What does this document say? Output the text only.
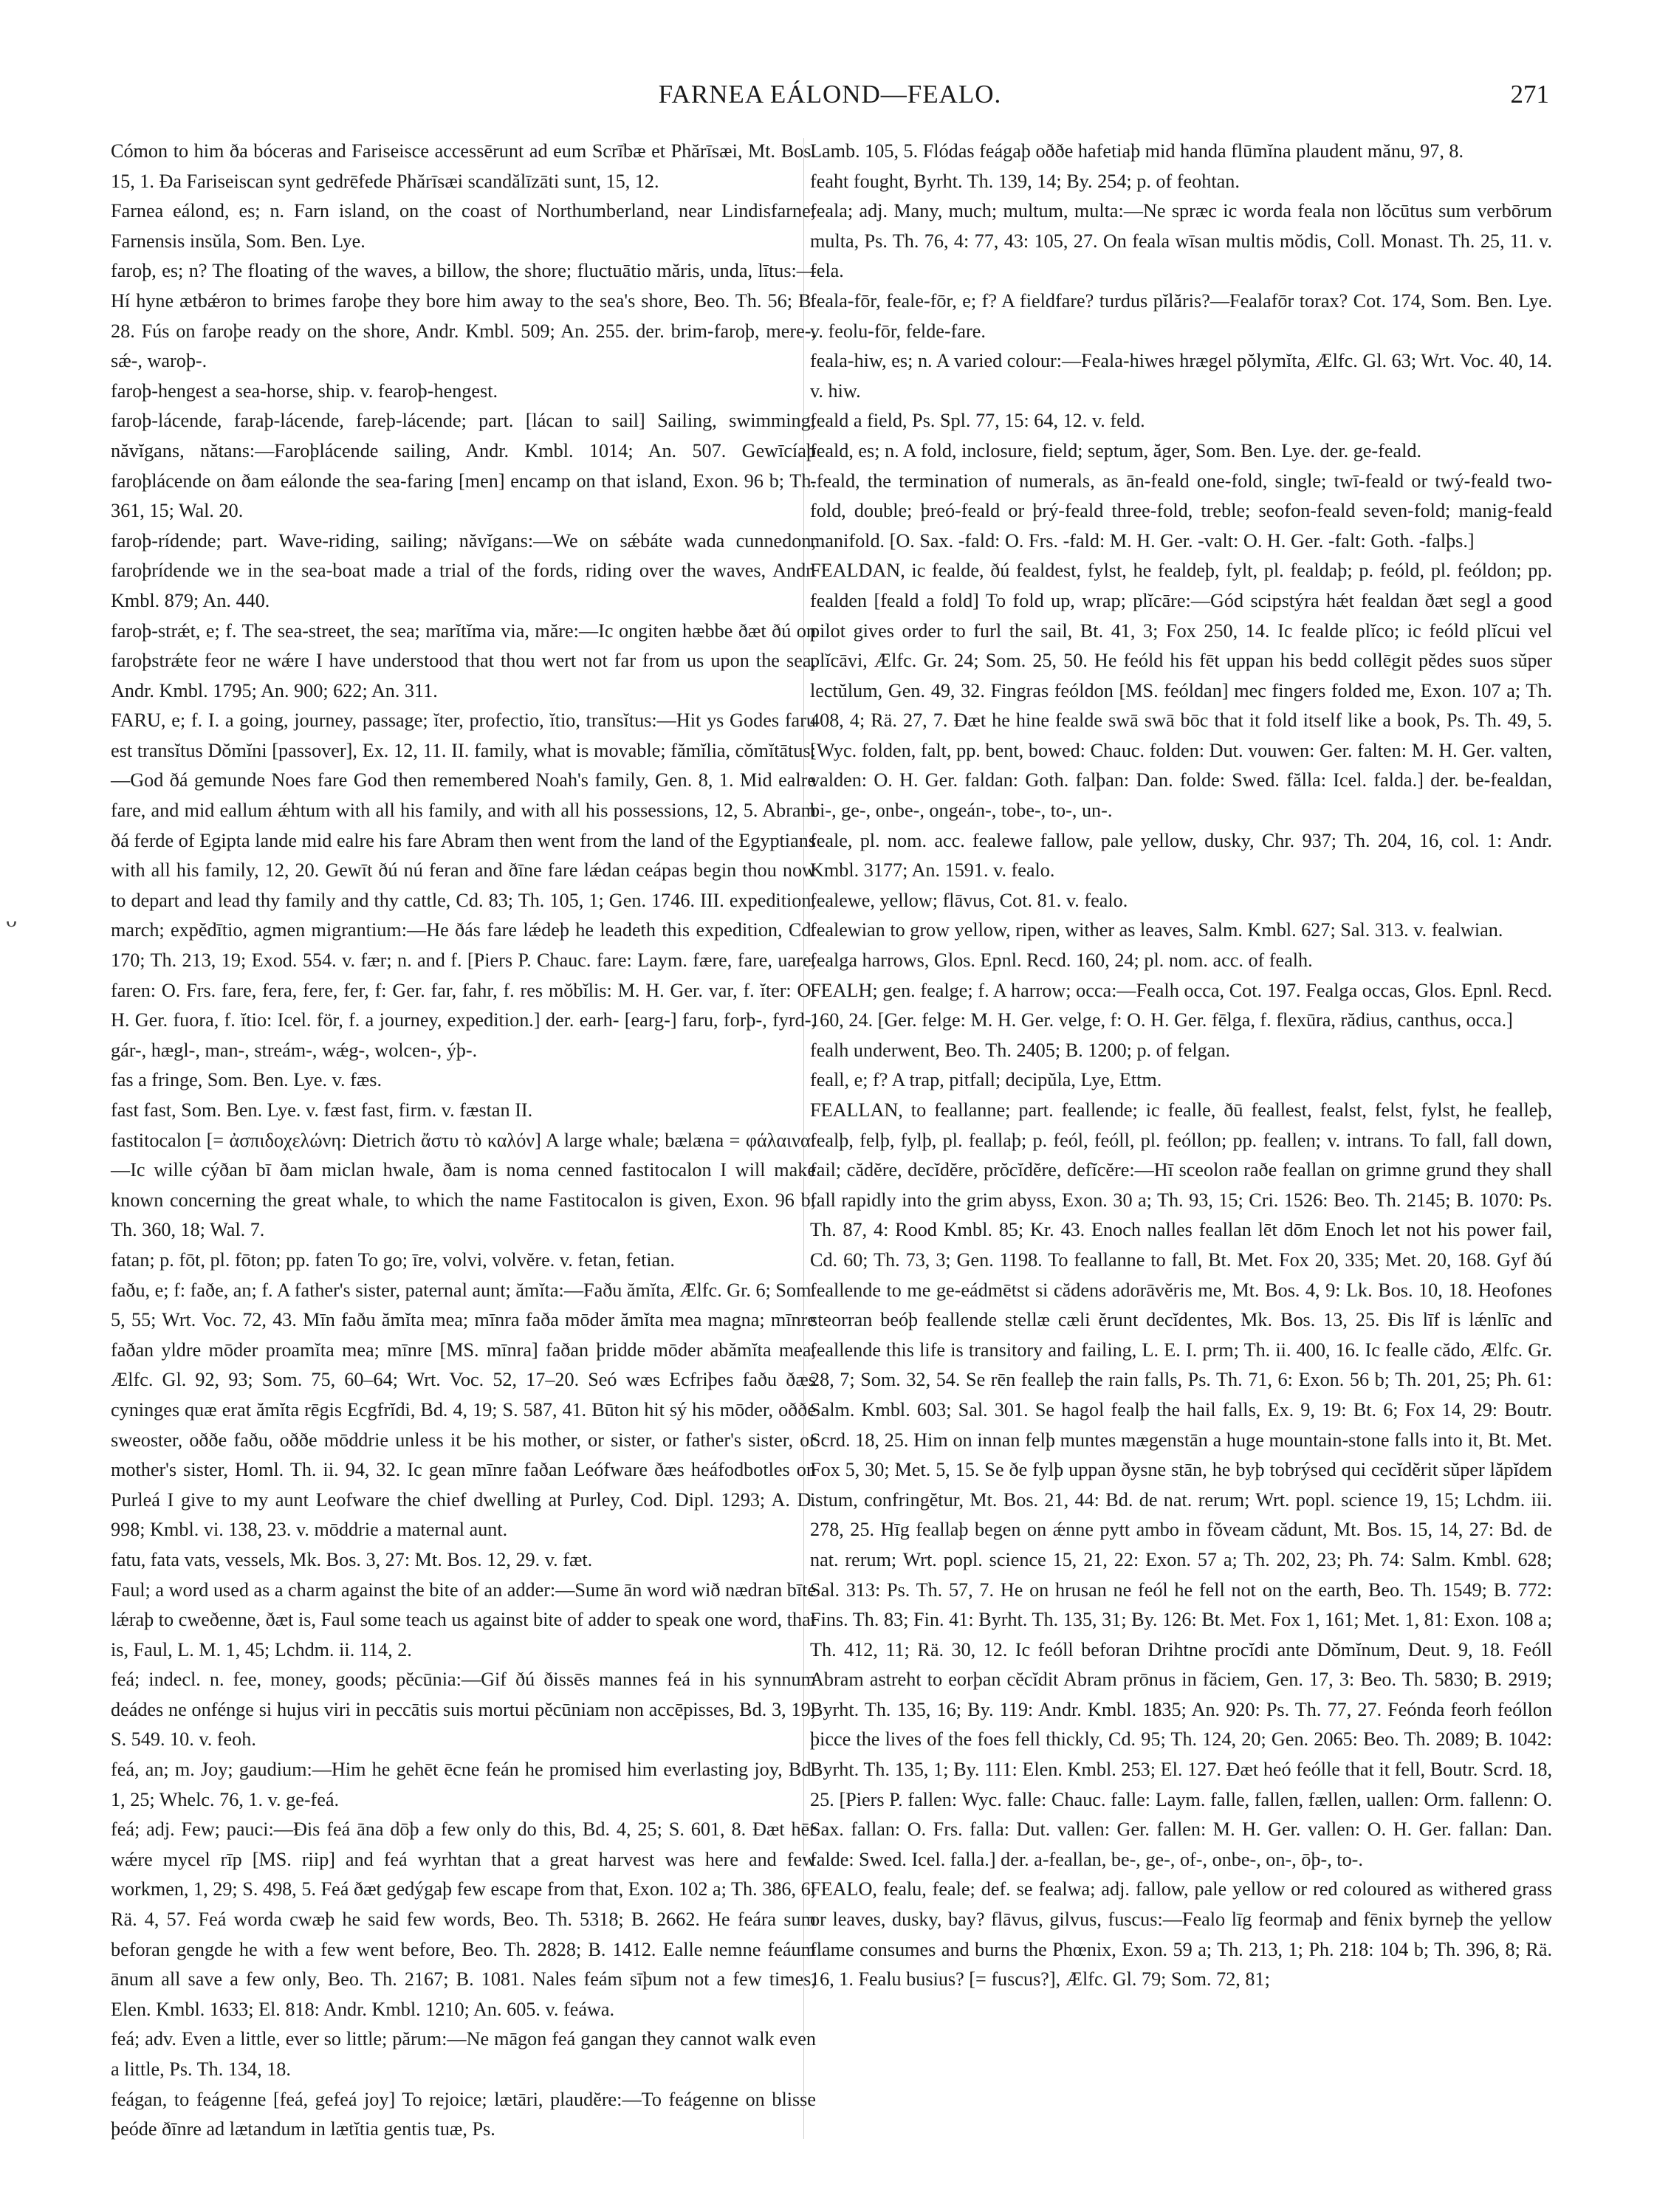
FARNEA EÁLOND—FEALO.	271
ᴗ

Cómon to him ða bóceras and Fariseisce accessērunt ad eum Scrībæ et Phărīsæi, Mt. Bos. 15, 1. Ða Fariseiscan synt gedrēfede Phărīsæi scandălīzāti sunt, 15, 12.

Farnea eálond, es; n. Farn island, on the coast of Northumberland, near Lindisfarne; Farnensis insŭla, Som. Ben. Lye.

faroþ, es; n? The floating of the waves, a billow, the shore; fluctuātio măris, unda, lītus:—Hí hyne ætbǽron to brimes faroþe they bore him away to the sea's shore, Beo. Th. 56; B. 28. Fús on faroþe ready on the shore, Andr. Kmbl. 509; An. 255. der. brim-faroþ, mere-, sǽ-, waroþ-.

faroþ-hengest a sea-horse, ship. v. fearoþ-hengest.

faroþ-lácende, faraþ-lácende, fareþ-lácende; part. [lácan to sail] Sailing, swimming; năvĭgans, nătans:—Faroþlácende sailing, Andr. Kmbl. 1014; An. 507. Gewīcíaþ faroþlácende on ðam eálonde the sea-faring [men] encamp on that island, Exon. 96 b; Th. 361, 15; Wal. 20.

faroþ-rídende; part. Wave-riding, sailing; năvĭgans:—We on sǽbáte wada cunnedon, faroþrídende we in the sea-boat made a trial of the fords, riding over the waves, Andr. Kmbl. 879; An. 440.

faroþ-strǽt, e; f. The sea-street, the sea; marĭtĭma via, măre:—Ic ongiten hæbbe ðæt ðú on faroþstrǽte feor ne wǽre I have understood that thou wert not far from us upon the sea, Andr. Kmbl. 1795; An. 900; 622; An. 311.

FARU, e; f. I. a going, journey, passage; ĭter, profectio, ĭtio, transĭtus:—Hit ys Godes faru est transĭtus Dŏmĭni [passover], Ex. 12, 11. II. family, what is movable; fămĭlia, cŏmĭtātus:—God ðá gemunde Noes fare God then remembered Noah's family, Gen. 8, 1. Mid ealre fare, and mid eallum ǽhtum with all his family, and with all his possessions, 12, 5. Abram ðá ferde of Egipta lande mid ealre his fare Abram then went from the land of the Egyptians with all his family, 12, 20. Gewīt ðú nú feran and ðīne fare lǽdan ceápas begin thou now to depart and lead thy family and thy cattle, Cd. 83; Th. 105, 1; Gen. 1746. III. expedition, march; expĕdītio, agmen migrantium:—He ðás fare lǽdeþ he leadeth this expedition, Cd. 170; Th. 213, 19; Exod. 554. v. fær; n. and f. [Piers P. Chauc. fare: Laym. fære, fare, uare, faren: O. Frs. fare, fera, fere, fer, f: Ger. far, fahr, f. res mŏbĭlis: M. H. Ger. var, f. ĭter: O. H. Ger. fuora, f. ĭtio: Icel. för, f. a journey, expedition.] der. earh- [earg-] faru, forþ-, fyrd-, gár-, hægl-, man-, streám-, wǽg-, wolcen-, ýþ-.

fas a fringe, Som. Ben. Lye. v. fæs.

fast fast, Som. Ben. Lye. v. fæst fast, firm. v. fæstan II.

fastitocalon [= ἀσπιδοχελώνη: Dietrich ἄστυ τὸ καλόν] A large whale; bælæna = φάλαινα:—Ic wille cýðan bī ðam miclan hwale, ðam is noma cenned fastitocalon I will make known concerning the great whale, to which the name Fastitocalon is given, Exon. 96 b; Th. 360, 18; Wal. 7.

fatan; p. fōt, pl. fōton; pp. faten To go; īre, volvi, volvĕre. v. fetan, fetian.

faðu, e; f: faðe, an; f. A father's sister, paternal aunt; ămĭta:—Faðu ămĭta, Ælfc. Gr. 6; Som. 5, 55; Wrt. Voc. 72, 43. Mīn faðu ămĭta mea; mīnra faða mōder ămĭta mea magna; mīnre faðan yldre mōder proamĭta mea; mīnre [MS. mīnra] faðan þridde mōder abămĭta mea, Ælfc. Gl. 92, 93; Som. 75, 60–64; Wrt. Voc. 52, 17–20. Seó wæs Ecfriþes faðu ðæs cyninges quæ erat ămĭta rēgis Ecgfrĭdi, Bd. 4, 19; S. 587, 41. Būton hit sý his mōder, oððe sweoster, oððe faðu, oððe mōddrie unless it be his mother, or sister, or father's sister, or mother's sister, Homl. Th. ii. 94, 32. Ic gean mīnre faðan Leófware ðæs heáfodbotles on Purleá I give to my aunt Leofware the chief dwelling at Purley, Cod. Dipl. 1293; A. D. 998; Kmbl. vi. 138, 23. v. mōddrie a maternal aunt.

fatu, fata vats, vessels, Mk. Bos. 3, 27: Mt. Bos. 12, 29. v. fæt.

Faul; a word used as a charm against the bite of an adder:—Sume ān word wið nædran bīte lǽraþ to cweðenne, ðæt is, Faul some teach us against bite of adder to speak one word, that is, Faul, L. M. 1, 45; Lchdm. ii. 114, 2.

feá; indecl. n. fee, money, goods; pĕcūnia:—Gif ðú ðissēs mannes feá in his synnum deádes ne onfénge si hujus viri in peccātis suis mortui pĕcūniam non accēpisses, Bd. 3, 19; S. 549. 10. v. feoh.

feá, an; m. Joy; gaudium:—Him he gehēt ēcne feán he promised him everlasting joy, Bd. 1, 25; Whelc. 76, 1. v. ge-feá.

feá; adj. Few; pauci:—Ðis feá āna dōþ a few only do this, Bd. 4, 25; S. 601, 8. Ðæt hēr wǽre mycel rīp [MS. riip] and feá wyrhtan that a great harvest was here and few workmen, 1, 29; S. 498, 5. Feá ðæt gedýgaþ few escape from that, Exon. 102 a; Th. 386, 6; Rä. 4, 57. Feá worda cwæþ he said few words, Beo. Th. 5318; B. 2662. He feára sum beforan gengde he with a few went before, Beo. Th. 2828; B. 1412. Ealle nemne feáum ānum all save a few only, Beo. Th. 2167; B. 1081. Nales feám sīþum not a few times, Elen. Kmbl. 1633; El. 818: Andr. Kmbl. 1210; An. 605. v. feáwa.

feá; adv. Even a little, ever so little; părum:—Ne māgon feá gangan they cannot walk even a little, Ps. Th. 134, 18.

feágan, to feágenne [feá, gefeá joy] To rejoice; lætāri, plaudĕre:—To feágenne on blisse þeóde ðīnre ad lætandum in lætĭtia gentis tuæ, Ps.

Lamb. 105, 5. Flódas feágaþ oððe hafetiaþ mid handa flūmĭna plaudent mănu, 97, 8.

feaht fought, Byrht. Th. 139, 14; By. 254; p. of feohtan.

feala; adj. Many, much; multum, multa:—Ne spræc ic worda feala non lŏcūtus sum verbōrum multa, Ps. Th. 76, 4: 77, 43: 105, 27. On feala wīsan multis mŏdis, Coll. Monast. Th. 25, 11. v. fela.

feala-fōr, feale-fōr, e; f? A fieldfare? turdus pĭlăris?—Fealafōr torax? Cot. 174, Som. Ben. Lye. v. feolu-fōr, felde-fare.

feala-hiw, es; n. A varied colour:—Feala-hiwes hrægel pŏlymĭta, Ælfc. Gl. 63; Wrt. Voc. 40, 14. v. hiw.

feald a field, Ps. Spl. 77, 15: 64, 12. v. feld.

feald, es; n. A fold, inclosure, field; septum, ăger, Som. Ben. Lye. der. ge-feald.

-feald, the termination of numerals, as ān-feald one-fold, single; twī-feald or twý-feald two-fold, double; þreó-feald or þrý-feald three-fold, treble; seofon-feald seven-fold; manig-feald manifold. [O. Sax. -fald: O. Frs. -fald: M. H. Ger. -valt: O. H. Ger. -falt: Goth. -falþs.]

FEALDAN, ic fealde, ðú fealdest, fylst, he fealdeþ, fylt, pl. fealdaþ; p. feóld, pl. feóldon; pp. fealden [feald a fold] To fold up, wrap; plĭcāre:—Gód scipstýra hǽt fealdan ðæt segl a good pilot gives order to furl the sail, Bt. 41, 3; Fox 250, 14. Ic fealde plĭco; ic feóld plĭcui vel plĭcāvi, Ælfc. Gr. 24; Som. 25, 50. He feóld his fēt uppan his bedd collēgit pĕdes suos sŭper lectŭlum, Gen. 49, 32. Fingras feóldon [MS. feóldan] mec fingers folded me, Exon. 107 a; Th. 408, 4; Rä. 27, 7. Ðæt he hine fealde swā swā bōc that it fold itself like a book, Ps. Th. 49, 5. [Wyc. folden, falt, pp. bent, bowed: Chauc. folden: Dut. vouwen: Ger. falten: M. H. Ger. valten, valden: O. H. Ger. faldan: Goth. falþan: Dan. folde: Swed. fălla: Icel. falda.] der. be-fealdan, bi-, ge-, onbe-, ongeán-, tobe-, to-, un-.

feale, pl. nom. acc. fealewe fallow, pale yellow, dusky, Chr. 937; Th. 204, 16, col. 1: Andr. Kmbl. 3177; An. 1591. v. fealo.

fealewe, yellow; flāvus, Cot. 81. v. fealo.

fealewian to grow yellow, ripen, wither as leaves, Salm. Kmbl. 627; Sal. 313. v. fealwian.

fealga harrows, Glos. Epnl. Recd. 160, 24; pl. nom. acc. of fealh.

FEALH; gen. fealge; f. A harrow; occa:—Fealh occa, Cot. 197. Fealga occas, Glos. Epnl. Recd. 160, 24. [Ger. felge: M. H. Ger. velge, f: O. H. Ger. fēlga, f. flexūra, rădius, canthus, occa.]

fealh underwent, Beo. Th. 2405; B. 1200; p. of felgan.

feall, e; f? A trap, pitfall; decipŭla, Lye, Ettm.

FEALLAN, to feallanne; part. feallende; ic fealle, ðū feallest, fealst, felst, fylst, he fealleþ, fealþ, felþ, fylþ, pl. feallaþ; p. feól, feóll, pl. feóllon; pp. feallen; v. intrans. To fall, fall down, fail; cădĕre, decĭdĕre, prŏcĭdĕre, defĭcĕre:—Hī sceolon raðe feallan on grimne grund they shall fall rapidly into the grim abyss, Exon. 30 a; Th. 93, 15; Cri. 1526: Beo. Th. 2145; B. 1070: Ps. Th. 87, 4: Rood Kmbl. 85; Kr. 43. Enoch nalles feallan lēt dōm Enoch let not his power fail, Cd. 60; Th. 73, 3; Gen. 1198. To feallanne to fall, Bt. Met. Fox 20, 335; Met. 20, 168. Gyf ðú feallende to me ge-eádmētst si cădens adorāvĕris me, Mt. Bos. 4, 9: Lk. Bos. 10, 18. Heofones steorran beóþ feallende stellæ cæli ĕrunt decĭdentes, Mk. Bos. 13, 25. Ðis līf is lǽnlīc and feallende this life is transitory and failing, L. E. I. prm; Th. ii. 400, 16. Ic fealle cădo, Ælfc. Gr. 28, 7; Som. 32, 54. Se rēn fealleþ the rain falls, Ps. Th. 71, 6: Exon. 56 b; Th. 201, 25; Ph. 61: Salm. Kmbl. 603; Sal. 301. Se hagol fealþ the hail falls, Ex. 9, 19: Bt. 6; Fox 14, 29: Boutr. Scrd. 18, 25. Him on innan felþ muntes mægenstān a huge mountain-stone falls into it, Bt. Met. Fox 5, 30; Met. 5, 15. Se ðe fylþ uppan ðysne stān, he byþ tobrýsed qui cecĭdĕrit sŭper lăpĭdem istum, confringĕtur, Mt. Bos. 21, 44: Bd. de nat. rerum; Wrt. popl. science 19, 15; Lchdm. iii. 278, 25. Hīg feallaþ begen on ǽnne pytt ambo in fŏveam cădunt, Mt. Bos. 15, 14, 27: Bd. de nat. rerum; Wrt. popl. science 15, 21, 22: Exon. 57 a; Th. 202, 23; Ph. 74: Salm. Kmbl. 628; Sal. 313: Ps. Th. 57, 7. He on hrusan ne feól he fell not on the earth, Beo. Th. 1549; B. 772: Fins. Th. 83; Fin. 41: Byrht. Th. 135, 31; By. 126: Bt. Met. Fox 1, 161; Met. 1, 81: Exon. 108 a; Th. 412, 11; Rä. 30, 12. Ic feóll beforan Drihtne procĭdi ante Dŏmĭnum, Deut. 9, 18. Feóll Abram astreht to eorþan cĕcĭdit Abram prōnus in făciem, Gen. 17, 3: Beo. Th. 5830; B. 2919; Byrht. Th. 135, 16; By. 119: Andr. Kmbl. 1835; An. 920: Ps. Th. 77, 27. Feónda feorh feóllon þicce the lives of the foes fell thickly, Cd. 95; Th. 124, 20; Gen. 2065: Beo. Th. 2089; B. 1042: Byrht. Th. 135, 1; By. 111: Elen. Kmbl. 253; El. 127. Ðæt heó feólle that it fell, Boutr. Scrd. 18, 25. [Piers P. fallen: Wyc. falle: Chauc. falle: Laym. falle, fallen, fællen, uallen: Orm. fallenn: O. Sax. fallan: O. Frs. falla: Dut. vallen: Ger. fallen: M. H. Ger. vallen: O. H. Ger. fallan: Dan. falde: Swed. Icel. falla.] der. a-feallan, be-, ge-, of-, onbe-, on-, ōþ-, to-.

FEALO, fealu, feale; def. se fealwa; adj. fallow, pale yellow or red coloured as withered grass or leaves, dusky, bay? flāvus, gilvus, fuscus:—Fealo līg feormaþ and fēnix byrneþ the yellow flame consumes and burns the Phœnix, Exon. 59 a; Th. 213, 1; Ph. 218: 104 b; Th. 396, 8; Rä. 16, 1. Fealu busius? [= fuscus?], Ælfc. Gl. 79; Som. 72, 81;
